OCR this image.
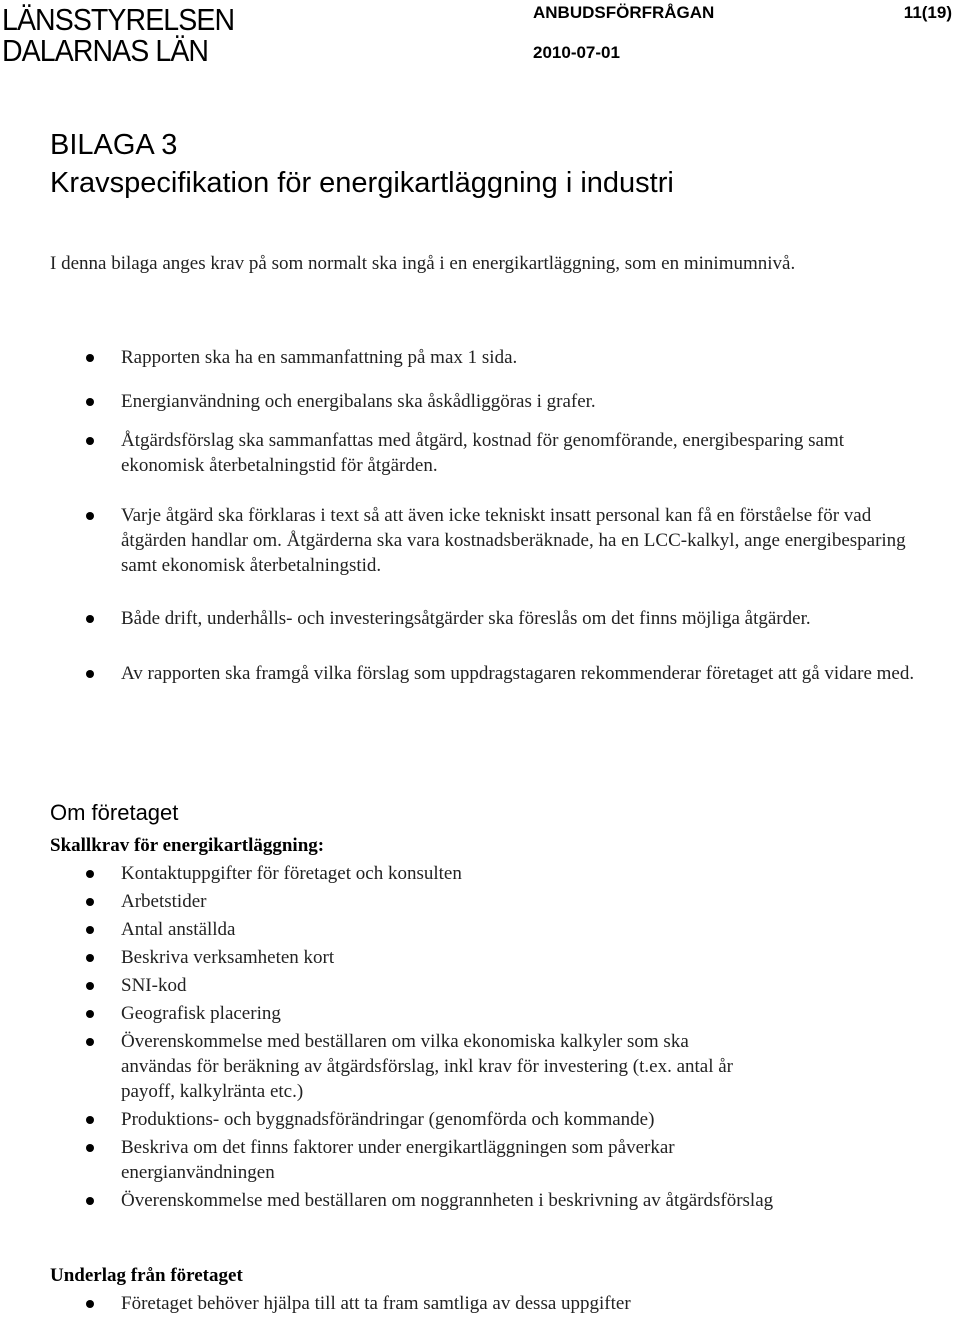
LÄNSSTYRELSEN
DALARNAS LÄN
ANBUDSFÖRFRÅGAN	11(19)
2010-07-01
BILAGA 3
Kravspecifikation för energikartläggning i industri

I denna bilaga anges krav på som normalt ska ingå i en energikartläggning, som en minimumnivå.

Rapporten ska ha en sammanfattning på max 1 sida.
Energianvändning och energibalans ska åskådliggöras i grafer.
Åtgärdsförslag ska sammanfattas med åtgärd, kostnad för genomförande, energibesparing samt ekonomisk återbetalningstid för åtgärden.
Varje åtgärd ska förklaras i text så att även icke tekniskt insatt personal kan få en förståelse för vad åtgärden handlar om. Åtgärderna ska vara kostnadsberäknade, ha en LCC-kalkyl, ange energibesparing samt ekonomisk återbetalningstid.
Både drift, underhålls- och investeringsåtgärder ska föreslås om det finns möjliga åtgärder.
Av rapporten ska framgå vilka förslag som uppdragstagaren rekommenderar företaget att gå vidare med.
Om företaget

Skallkrav för energikartläggning:

Kontaktuppgifter för företaget och konsulten
Arbetstider
Antal anställda
Beskriva verksamheten kort
SNI-kod
Geografisk placering
Överenskommelse med beställaren om vilka ekonomiska kalkyler som ska användas för beräkning av åtgärdsförslag, inkl krav för investering (t.ex. antal år payoff, kalkylränta etc.)
Produktions- och byggnadsförändringar (genomförda och kommande)
Beskriva om det finns faktorer under energikartläggningen som påverkar energianvändningen
Överenskommelse med beställaren om noggrannheten i beskrivning av åtgärdsförslag

Underlag från företaget

Företaget behöver hjälpa till att ta fram samtliga av dessa uppgifter
